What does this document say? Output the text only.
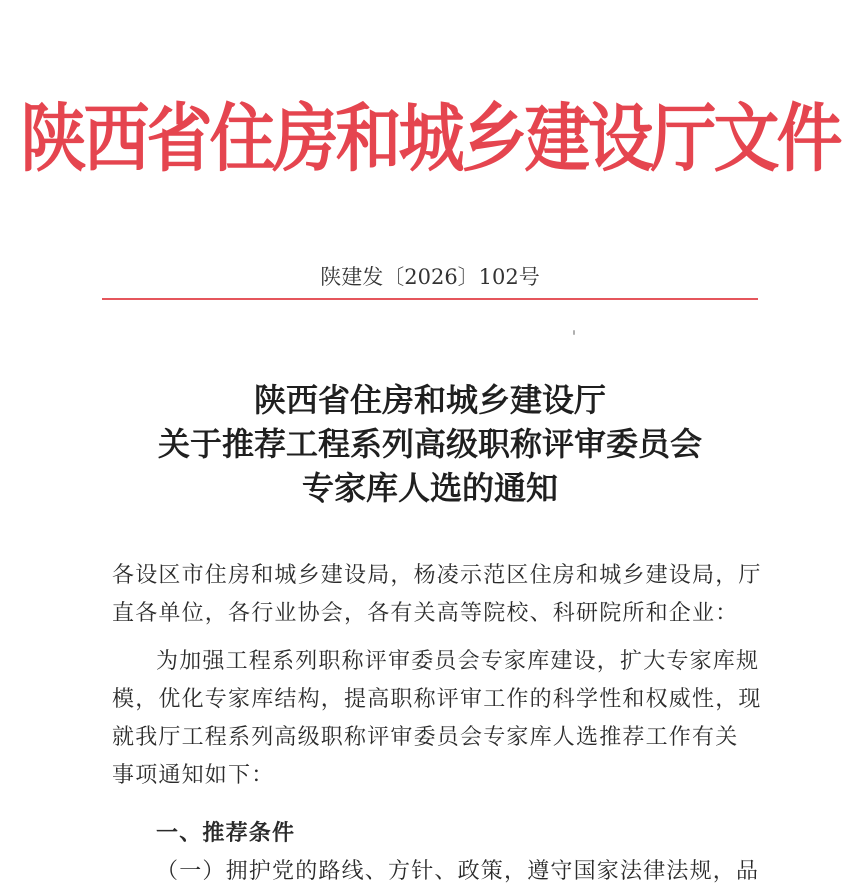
陕西省住房和城乡建设厅文件
陕建发〔2026〕102号
陕西省住房和城乡建设厅
关于推荐工程系列高级职称评审委员会
专家库人选的通知
各设区市住房和城乡建设局，杨凌示范区住房和城乡建设局，厅
直各单位，各行业协会，各有关高等院校、科研院所和企业：
为加强工程系列职称评审委员会专家库建设，扩大专家库规
模，优化专家库结构，提高职称评审工作的科学性和权威性，现
就我厅工程系列高级职称评审委员会专家库人选推荐工作有关
事项通知如下：
一、推荐条件
（一）拥护党的路线、方针、政策，遵守国家法律法规，品
